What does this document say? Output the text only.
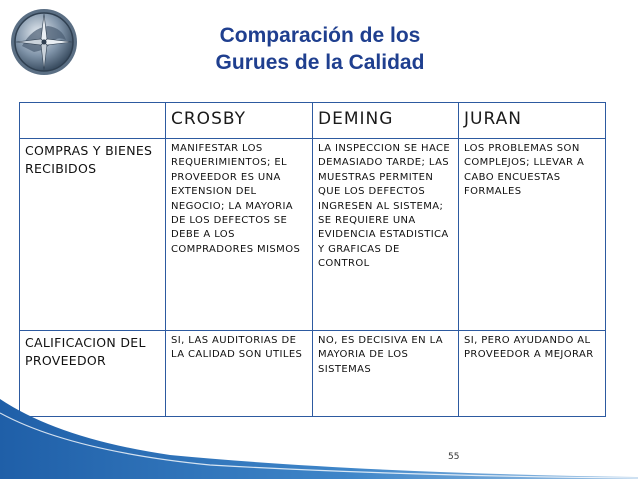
Comparación de los
Gurues de la Calidad
	CROSBY	DEMING	JURAN
COMPRAS Y BIENES RECIBIDOS	MANIFESTAR LOS REQUERIMIENTOS; EL PROVEEDOR ES UNA EXTENSION DEL NEGOCIO; LA MAYORIA DE LOS DEFECTOS SE DEBE A LOS COMPRADORES MISMOS	LA INSPECCION SE HACE DEMASIADO TARDE; LAS MUESTRAS PERMITEN QUE LOS DEFECTOS INGRESEN AL SISTEMA; SE REQUIERE UNA EVIDENCIA ESTADISTICA Y GRAFICAS DE CONTROL	LOS PROBLEMAS SON COMPLEJOS; LLEVAR A CABO ENCUESTAS FORMALES
CALIFICACION DEL PROVEEDOR	SI, LAS AUDITORIAS DE LA CALIDAD SON UTILES	NO, ES DECISIVA EN LA MAYORIA DE LOS SISTEMAS	SI, PERO AYUDANDO AL PROVEEDOR A MEJORAR
55
